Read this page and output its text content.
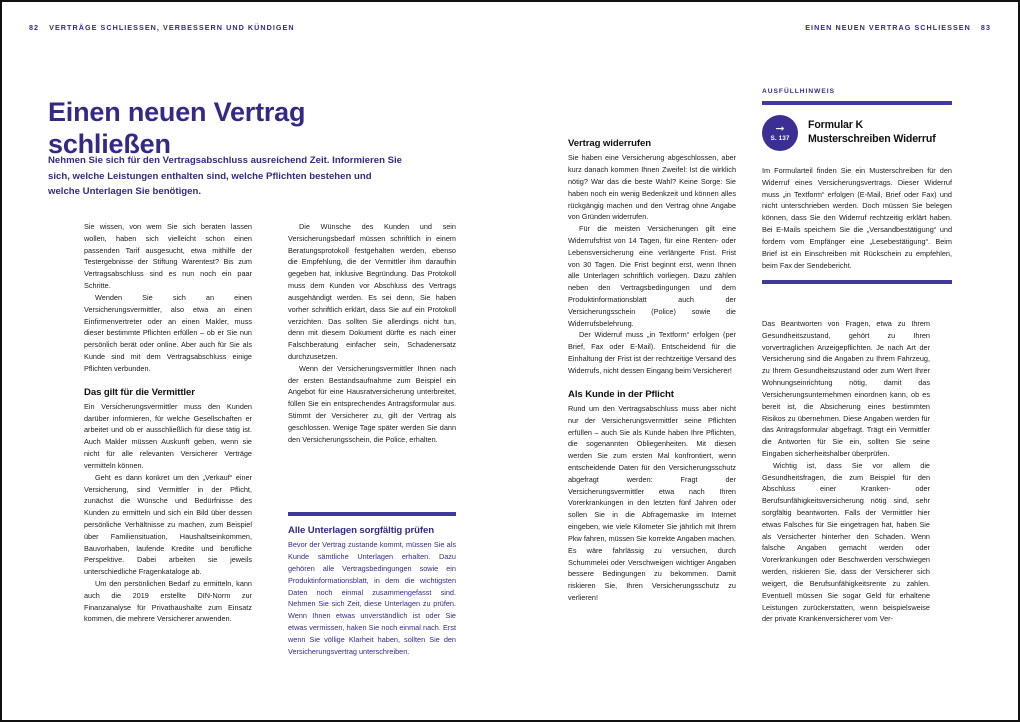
82 VERTRÄGE SCHLIESSEN, VERBESSERN UND KÜNDIGEN	EINEN NEUEN VERTRAG SCHLIESSEN 83
Einen neuen Vertrag schließen
Nehmen Sie sich für den Vertragsabschluss ausreichend Zeit. Informieren Sie sich, welche Leistungen enthalten sind, welche Pflichten bestehen und welche Unterlagen Sie benötigen.

Sie wissen, von wem Sie sich beraten lassen wollen, haben sich vielleicht schon einen passenden Tarif ausgesucht, etwa mithilfe der Testergebnisse der Stiftung Warentest? Bis zum Vertragsabschluss sind es nun noch ein paar Schritte.

Wenden Sie sich an einen Versicherungsvermittler, also etwa an einen Einfirmenvertreter oder an einen Makler, muss dieser bestimmte Pflichten erfüllen – ob er Sie nun persönlich berät oder online. Aber auch für Sie als Kunde sind mit dem Vertragsabschluss einige Pflichten verbunden.

Das gilt für die Vermittler

Ein Versicherungsvermittler muss den Kunden darüber informieren, für welche Gesellschaften er arbeitet und ob er ausschließlich für diese tätig ist. Auch Makler müssen Auskunft geben, wenn sie nicht für alle relevanten Versicherer Verträge vermitteln können.

Geht es dann konkret um den „Verkauf“ einer Versicherung, sind Vermittler in der Pflicht, zunächst die Wünsche und Bedürfnisse des Kunden zu ermitteln und sich ein Bild über dessen persönliche Verhältnisse zu machen, zum Beispiel über Familiensituation, Haushaltseinkommen, Bauvorhaben, laufende Kredite und berufliche Perspektive. Dabei arbeiten sie jeweils unterschiedliche Fragenkataloge ab.

Um den persönlichen Bedarf zu ermitteln, kann auch die 2019 erstellte DIN-Norm zur Finanzanalyse für Privathaushalte zum Einsatz kommen, die mehrere Versicherer anwenden.

Die Wünsche des Kunden und sein Versicherungsbedarf müssen schriftlich in einem Beratungsprotokoll festgehalten werden, ebenso die Empfehlung, die der Vermittler ihm daraufhin gegeben hat, inklusive Begründung. Das Protokoll muss dem Kunden vor Abschluss des Vertrags ausgehändigt werden. Es sei denn, Sie haben vorher schriftlich erklärt, dass Sie auf ein Protokoll verzichten. Das sollten Sie allerdings nicht tun, denn mit diesem Dokument dürfte es nach einer Falschberatung einfacher sein, Schadenersatz durchzusetzen.

Wenn der Versicherungsvermittler Ihnen nach der ersten Bestandsaufnahme zum Beispiel ein Angebot für eine Hausratversicherung unterbreitet, füllen Sie ein entsprechendes Antragsformular aus. Stimmt der Versicherer zu, gilt der Vertrag als geschlossen. Wenige Tage später werden Sie dann den Versicherungsschein, die Police, erhalten.

Alle Unterlagen sorgfältig prüfen

Bevor der Vertrag zustande kommt, müssen Sie als Kunde sämtliche Unterlagen erhalten. Dazu gehören alle Vertragsbedingungen sowie ein Produktinformationsblatt, in dem die wichtigsten Daten noch einmal zusammengefasst sind. Nehmen Sie sich Zeit, diese Unterlagen zu prüfen. Wenn Ihnen etwas unverständlich ist oder Sie etwas vermissen, haken Sie noch einmal nach. Erst wenn Sie völlige Klarheit haben, sollten Sie den Versicherungsvertrag unterschreiben.

Vertrag widerrufen

Sie haben eine Versicherung abgeschlossen, aber kurz danach kommen Ihnen Zweifel: Ist die wirklich nötig? War das die beste Wahl? Keine Sorge: Sie haben noch ein wenig Bedenkzeit und können alles rückgängig machen und den Vertrag ohne Angabe von Gründen widerrufen.

Für die meisten Versicherungen gilt eine Widerrufsfrist von 14 Tagen, für eine Renten- oder Lebensversicherung eine verlängerte Frist. Frist von 30 Tagen. Die Frist beginnt erst, wenn Ihnen alle Unterlagen schriftlich vorliegen. Dazu zählen neben den Vertragsbedingungen und dem Produktinformationsblatt auch der Versicherungsschein (Police) sowie die Widerrufsbelehrung.

Der Widerruf muss „in Textform“ erfolgen (per Brief, Fax oder E-Mail). Entscheidend für die Einhaltung der Frist ist der rechtzeitige Versand des Widerrufs, nicht dessen Eingang beim Versicherer!

Als Kunde in der Pflicht

Rund um den Vertragsabschluss muss aber nicht nur der Versicherungsvermittler seine Pflichten erfüllen – auch Sie als Kunde haben Ihre Pflichten, die sogenannten Obliegenheiten. Mit diesen werden Sie zum ersten Mal konfrontiert, wenn entscheidende Daten für den Versicherungsschutz abgefragt werden: Fragt der Versicherungsvermittler etwa nach Ihren Vorerkrankungen in den letzten fünf Jahren oder sollen Sie in die Abfragemaske im Internet eingeben, wie viele Kilometer Sie jährlich mit Ihrem Pkw fahren, müssen Sie korrekte Angaben machen. Es wäre fahrlässig zu versuchen, durch Schummelei oder Verschweigen wichtiger Angaben bessere Bedingungen zu bekommen. Damit riskieren Sie, Ihren Versicherungsschutz zu verlieren!

AUSFÜLLHINWEIS
➞
S. 137
Formular K
Musterschreiben Widerruf

Im Formularteil finden Sie ein Musterschreiben für den Widerruf eines Versicherungsvertrags. Dieser Widerruf muss „in Textform“ erfolgen (E-Mail, Brief oder Fax) und nicht unterschrieben werden. Doch müssen Sie belegen können, dass Sie den Widerruf rechtzeitig erklärt haben. Bei E-Mails speichern Sie die „Versandbestätigung“ und fordern vom Empfänger eine „Lesebestätigung“. Beim Brief ist ein Einschreiben mit Rückschein zu empfehlen, beim Fax der Sendebericht.

Das Beantworten von Fragen, etwa zu Ihrem Gesundheitszustand, gehört zu Ihren vorvertraglichen Anzeigepflichten. Je nach Art der Versicherung sind die Angaben zu Ihrem Fahrzeug, zu Ihrem Gesundheitszustand oder zum Wert Ihrer Wohnungseinrichtung nötig, damit das Versicherungsunternehmen einordnen kann, ob es bereit ist, die Absicherung eines bestimmten Risikos zu übernehmen. Diese Angaben werden für das Antragsformular abgefragt. Trägt ein Vermittler die Antworten für Sie ein, sollten Sie seine Eingaben sicherheitshalber überprüfen.

Wichtig ist, dass Sie vor allem die Gesundheitsfragen, die zum Beispiel für den Abschluss einer Kranken- oder Berufsunfähigkeitsversicherung nötig sind, sehr sorgfältig beantworten. Falls der Vermittler hier etwas Falsches für Sie eingetragen hat, haben Sie als Versicherter hinterher den Schaden. Wenn falsche Angaben gemacht werden oder Vorerkrankungen oder Beschwerden verschwiegen werden, riskieren Sie, dass der Versicherer sich weigert, die Berufsunfähigkeitsrente zu zahlen. Eventuell müssen Sie sogar Geld für erhaltene Leistungen zurückerstatten, wenn beispielsweise der private Krankenversicherer vom Ver-
